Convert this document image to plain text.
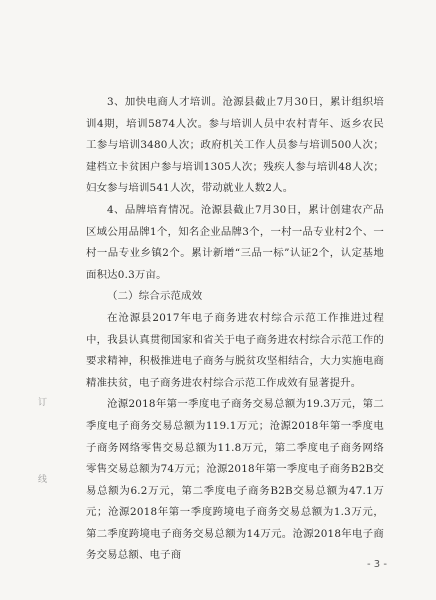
订
线

3、加快电商人才培训。沧源县截止7月30日，累计组织培训4期，培训5874人次。参与培训人员中农村青年、返乡农民工参与培训3480人次；政府机关工作人员参与培训500人次；建档立卡贫困户参与培训1305人次；残疾人参与培训48人次；妇女参与培训541人次，带动就业人数2人。

4、品牌培育情况。沧源县截止7月30日，累计创建农产品区域公用品牌1个，知名企业品牌3个，一村一品专业村2个、一村一品专业乡镇2个。累计新增“三品一标”认证2个，认定基地面积达0.3万亩。

（二）综合示范成效

在沧源县2017年电子商务进农村综合示范工作推进过程中，我县认真贯彻国家和省关于电子商务进农村综合示范工作的要求精神，积极推进电子商务与脱贫攻坚相结合，大力实施电商精准扶贫，电子商务进农村综合示范工作成效有显著提升。

沧源2018年第一季度电子商务交易总额为19.3万元，第二季度电子商务交易总额为119.1万元；沧源2018年第一季度电子商务网络零售交易总额为11.8万元，第二季度电子商务网络零售交易总额为74万元；沧源2018年第一季度电子商务B2B交易总额为6.2万元，第二季度电子商务B2B交易总额为47.1万元；沧源2018年第一季度跨境电子商务交易总额为1.3万元，第二季度跨境电子商务交易总额为14万元。沧源2018年电子商务交易总额、电子商

- 3 -
